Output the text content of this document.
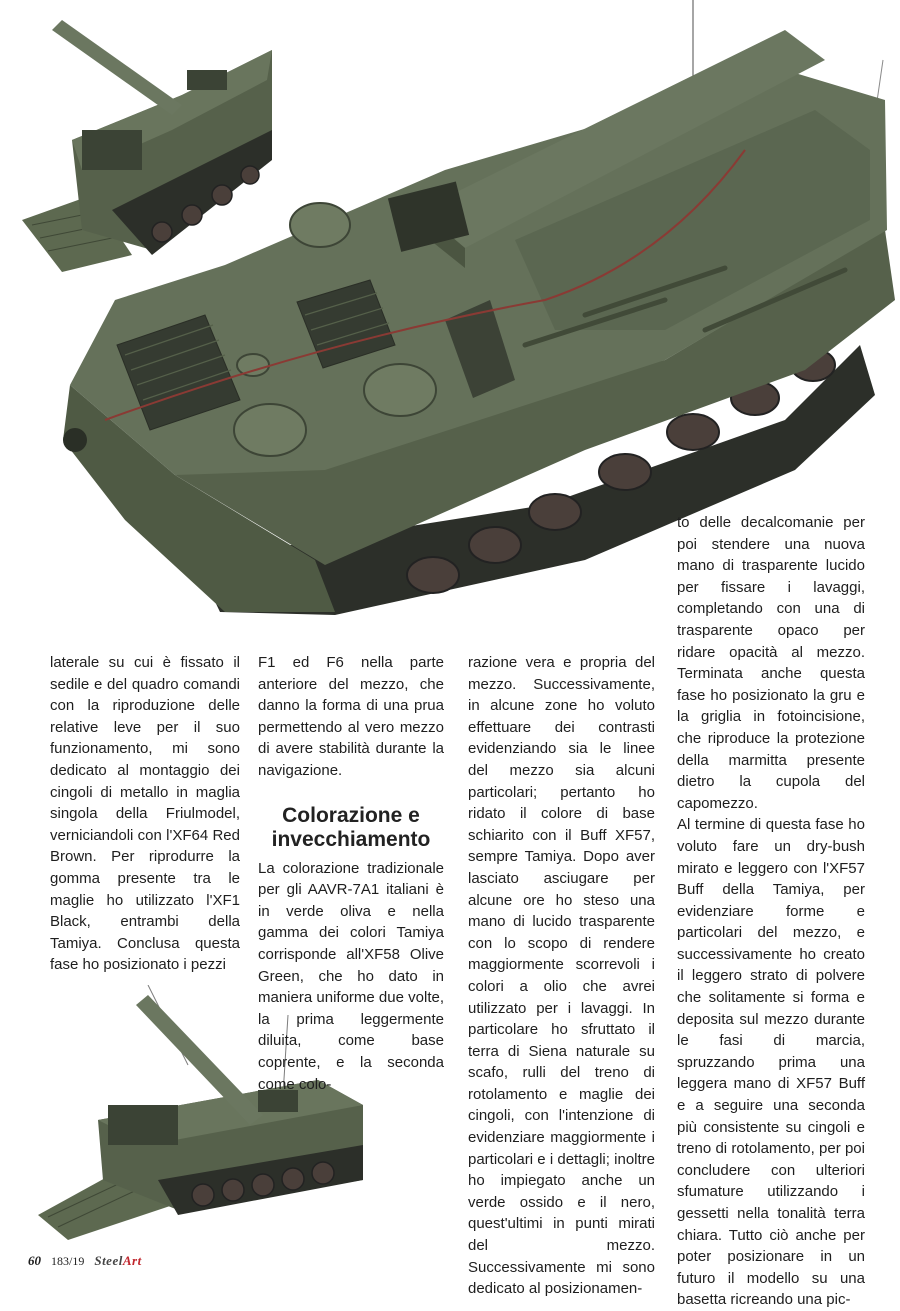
laterale su cui è fissato il sedile e del quadro comandi con la riproduzione delle relative leve per il suo funzionamento, mi sono dedicato al montaggio dei cingoli di metallo in maglia singola della Friulmodel, verniciandoli con l'XF64 Red Brown. Per riprodurre la gomma presente tra le maglie ho utilizzato l'XF1 Black, entrambi della Tamiya. Conclusa questa fase ho posizionato i pezzi

F1 ed F6 nella parte anteriore del mezzo, che danno la forma di una prua permettendo al vero mezzo di avere stabilità durante la navigazione.

Colorazione e invecchiamento

La colorazione tradizionale per gli AAVR-7A1 italiani è in verde oliva e nella gamma dei colori Tamiya corrisponde all'XF58 Olive Green, che ho dato in maniera uniforme due volte, la prima leggermente diluita, come base coprente, e la seconda come colo-

razione vera e propria del mezzo. Successivamente, in alcune zone ho voluto effettuare dei contrasti evidenziando sia le linee del mezzo sia alcuni particolari; pertanto ho ridato il colore di base schiarito con il Buff XF57, sempre Tamiya. Dopo aver lasciato asciugare per alcune ore ho steso una mano di lucido trasparente con lo scopo di rendere maggiormente scorrevoli i colori a olio che avrei utilizzato per i lavaggi. In particolare ho sfruttato il terra di Siena naturale su scafo, rulli del treno di rotolamento e maglie dei cingoli, con l'intenzione di evidenziare maggiormente i particolari e i dettagli; inoltre ho impiegato anche un verde ossido e il nero, quest'ultimi in punti mirati del mezzo. Successivamente mi sono dedicato al posizionamen-

to delle decalcomanie per poi stendere una nuova mano di trasparente lucido per fissare i lavaggi, completando con una di trasparente opaco per ridare opacità al mezzo. Terminata anche questa fase ho posizionato la gru e la griglia in fotoincisione, che riproduce la protezione della marmitta presente dietro la cupola del capomezzo.

Al termine di questa fase ho voluto fare un dry-bush mirato e leggero con l'XF57 Buff della Tamiya, per evidenziare forme e particolari del mezzo, e successivamente ho creato il leggero strato di polvere che solitamente si forma e deposita sul mezzo durante le fasi di marcia, spruzzando prima una leggera mano di XF57 Buff e a seguire una seconda più consistente su cingoli e treno di rotolamento, per poi concludere con ulteriori sfumature utilizzando i gessetti nella tonalità terra chiara. Tutto ciò anche per poter posizionare in un futuro il modello su una basetta ricreando una pic-

60 183/19 SteelArt
